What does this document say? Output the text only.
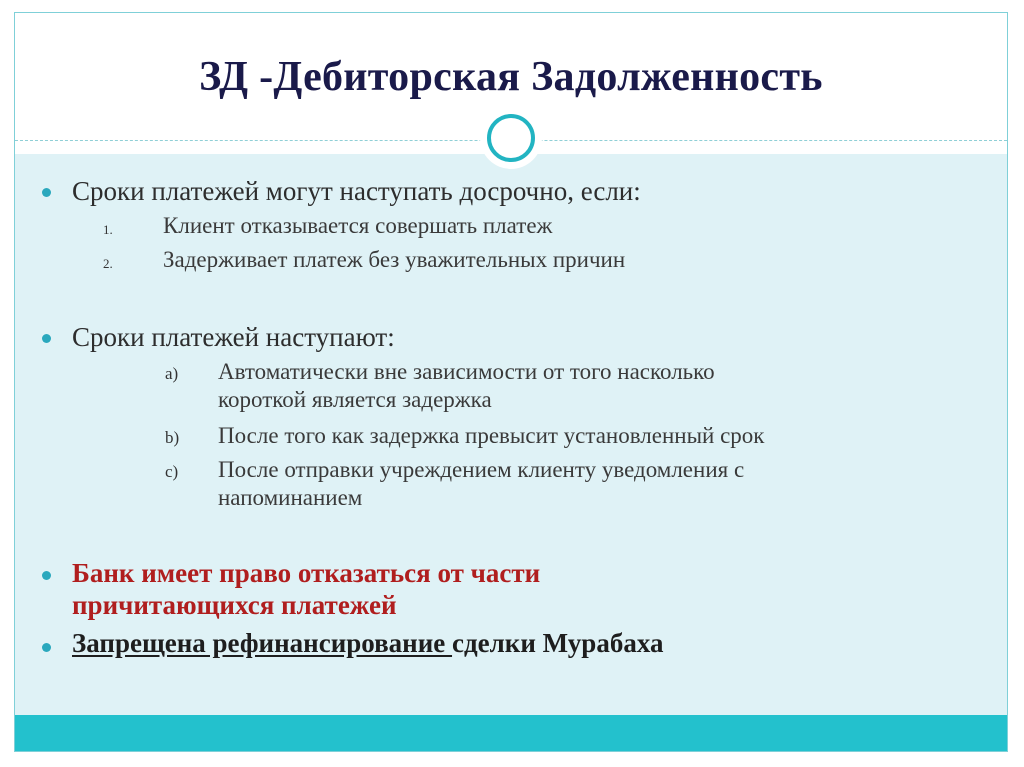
ЗД -Дебиторская Задолженность
Сроки платежей могут наступать досрочно, если:
1. Клиент отказывается совершать платеж
2. Задерживает платеж без уважительных причин
Сроки платежей наступают:
a) Автоматически вне зависимости от того насколько
короткой является задержка
b) После того как задержка превысит установленный срок
c) После отправки учреждением клиенту уведомления с
напоминанием
Банк имеет право отказаться от части
причитающихся платежей
Запрещена рефинансирование сделки Мурабаха
